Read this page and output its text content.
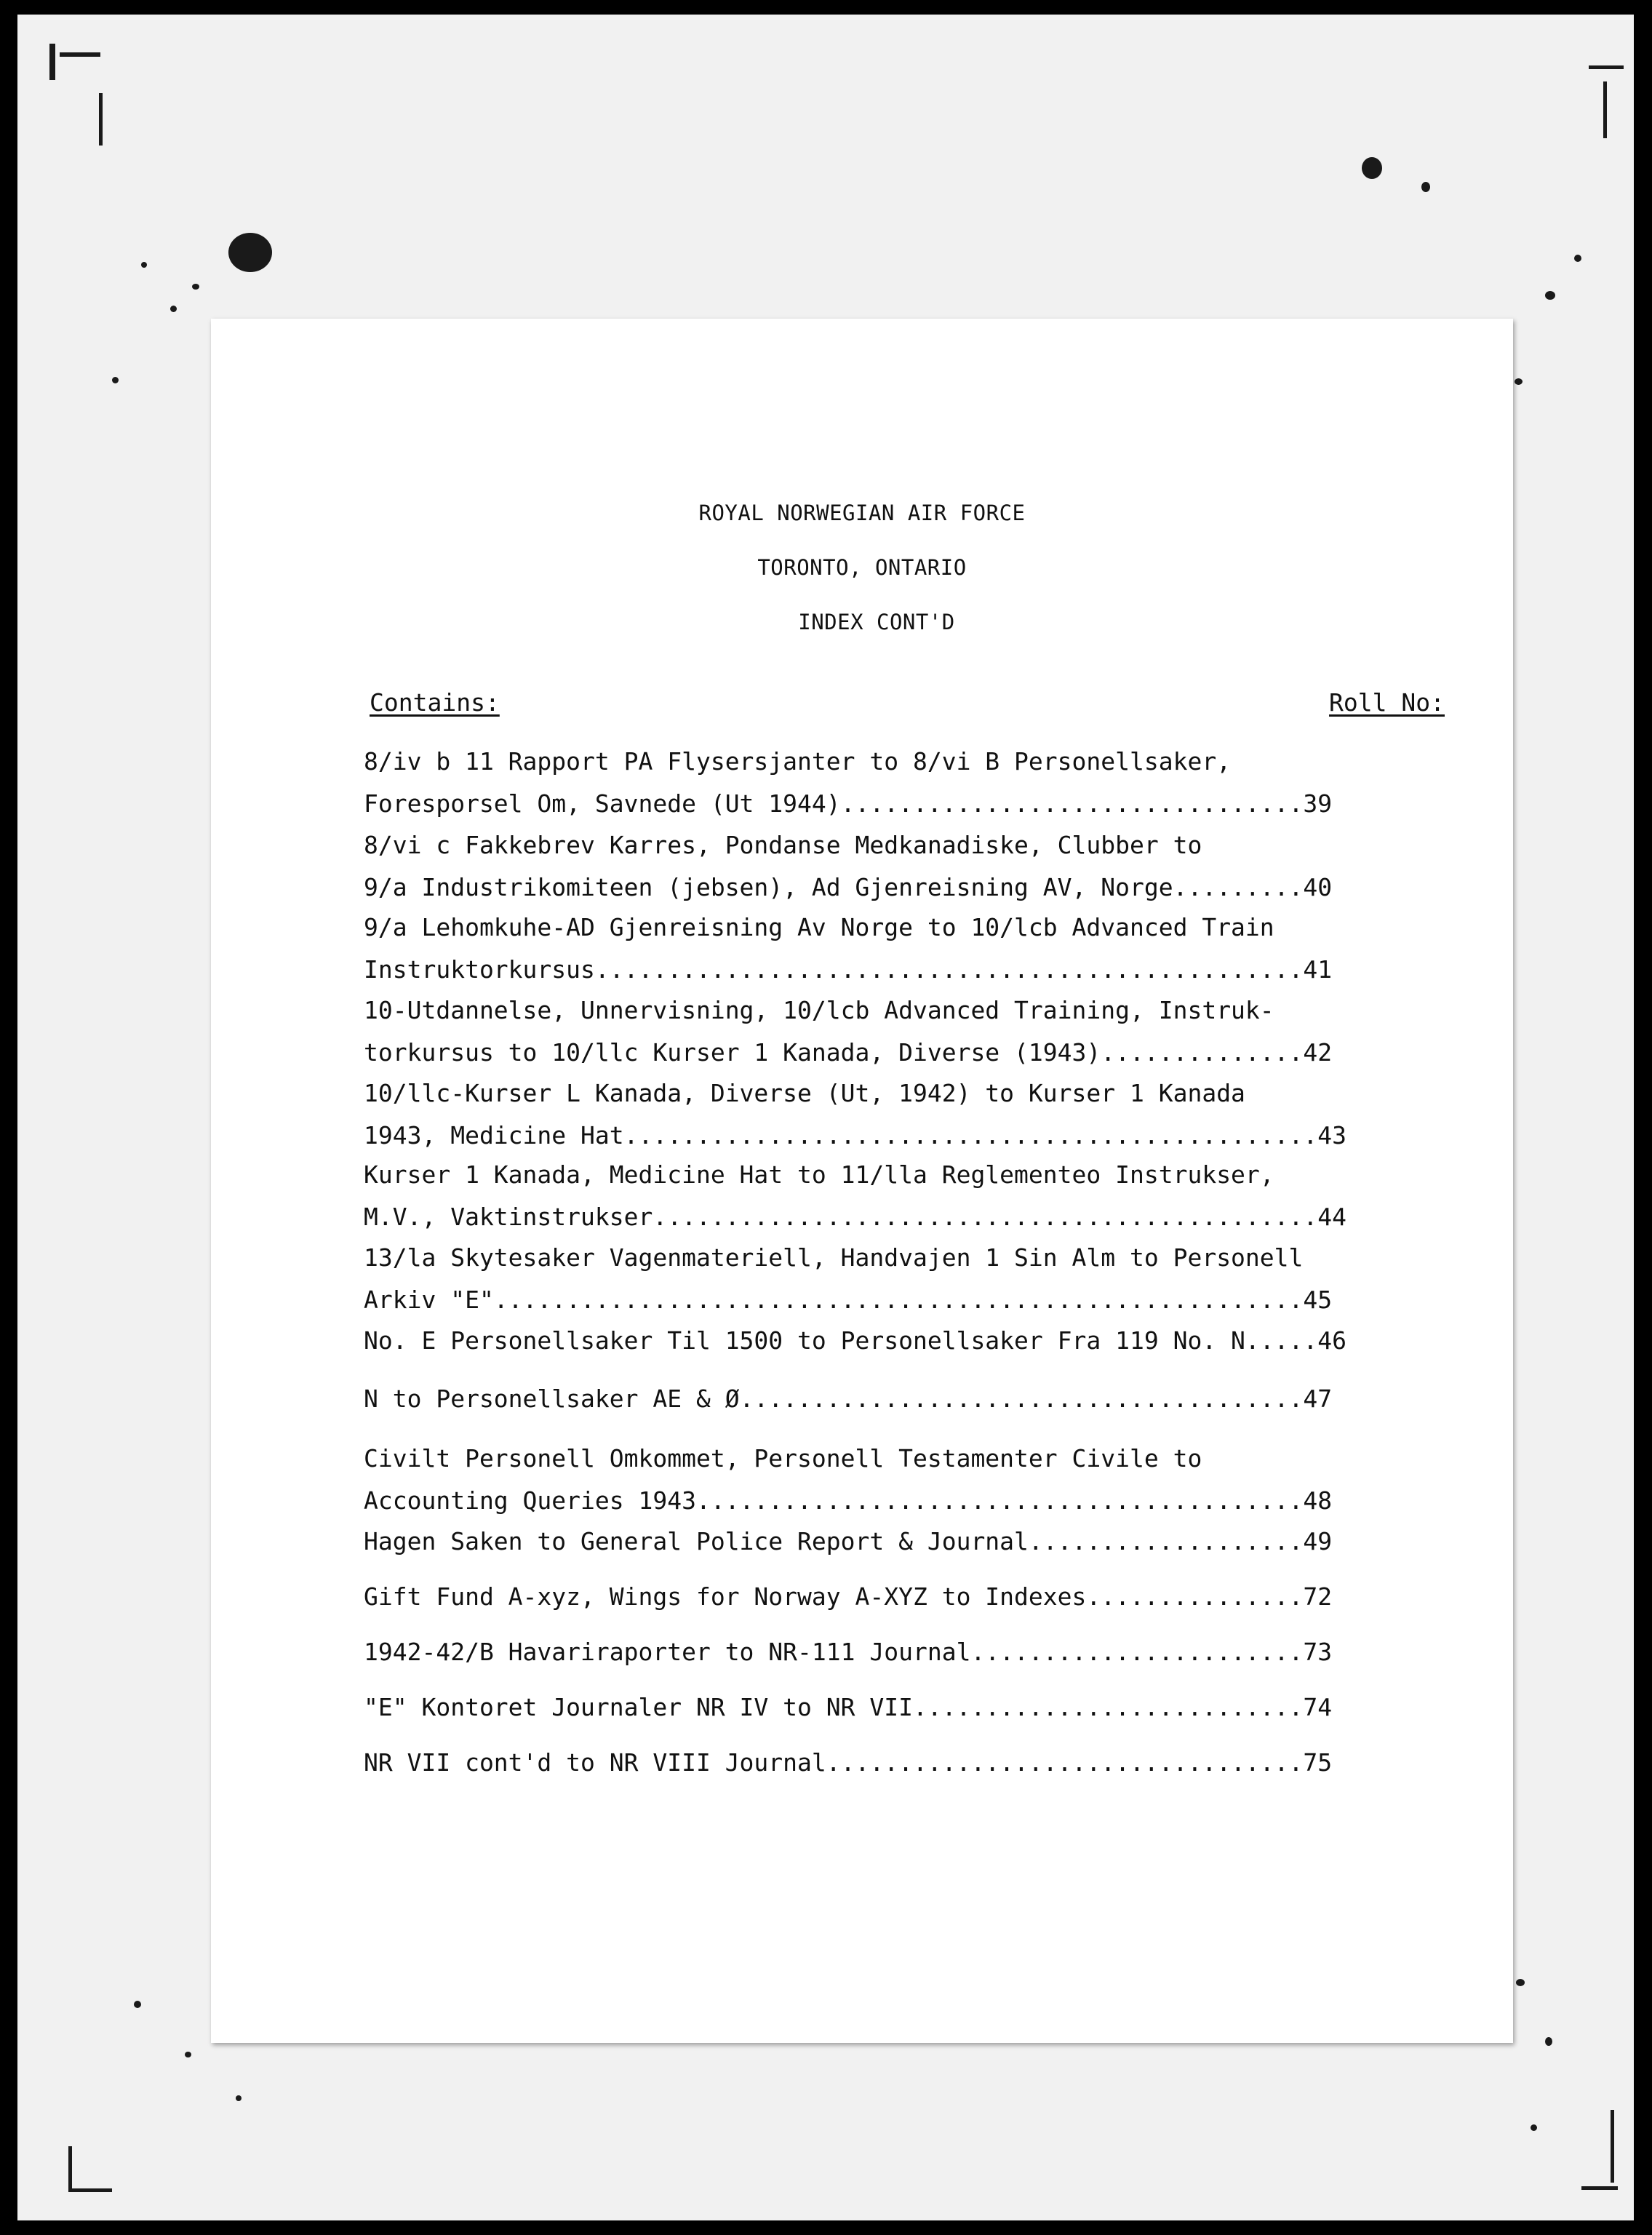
ROYAL NORWEGIAN AIR FORCE
TORONTO, ONTARIO
INDEX CONT'D
Contains:	Roll No:
8/iv b 11 Rapport PA Flysersjanter to 8/vi B Personellsaker,
Foresporsel Om, Savnede (Ut 1944)................................39
8/vi c Fakkebrev Karres, Pondanse Medkanadiske, Clubber to
9/a Industrikomiteen (jebsen), Ad Gjenreisning AV, Norge.........40
9/a Lehomkuhe-AD Gjenreisning Av Norge to 10/lcb Advanced Train
Instruktorkursus.................................................41
10-Utdannelse, Unnervisning, 10/lcb Advanced Training, Instruk-
torkursus to 10/llc Kurser 1 Kanada, Diverse (1943)..............42
10/llc-Kurser L Kanada, Diverse (Ut, 1942) to Kurser 1 Kanada
1943, Medicine Hat................................................43
Kurser 1 Kanada, Medicine Hat to 11/lla Reglementeo Instrukser,
M.V., Vaktinstrukser..............................................44
13/la Skytesaker Vagenmateriell, Handvajen 1 Sin Alm to Personell
Arkiv "E"........................................................45
No. E Personellsaker Til 1500 to Personellsaker Fra 119 No. N.....46
N to Personellsaker AE & Ø.......................................47
Civilt Personell Omkommet, Personell Testamenter Civile to
Accounting Queries 1943..........................................48
Hagen Saken to General Police Report & Journal...................49
Gift Fund A-xyz, Wings for Norway A-XYZ to Indexes...............72
1942-42/B Havariraporter to NR-111 Journal.......................73
"E" Kontoret Journaler NR IV to NR VII...........................74
NR VII cont'd to NR VIII Journal.................................75
